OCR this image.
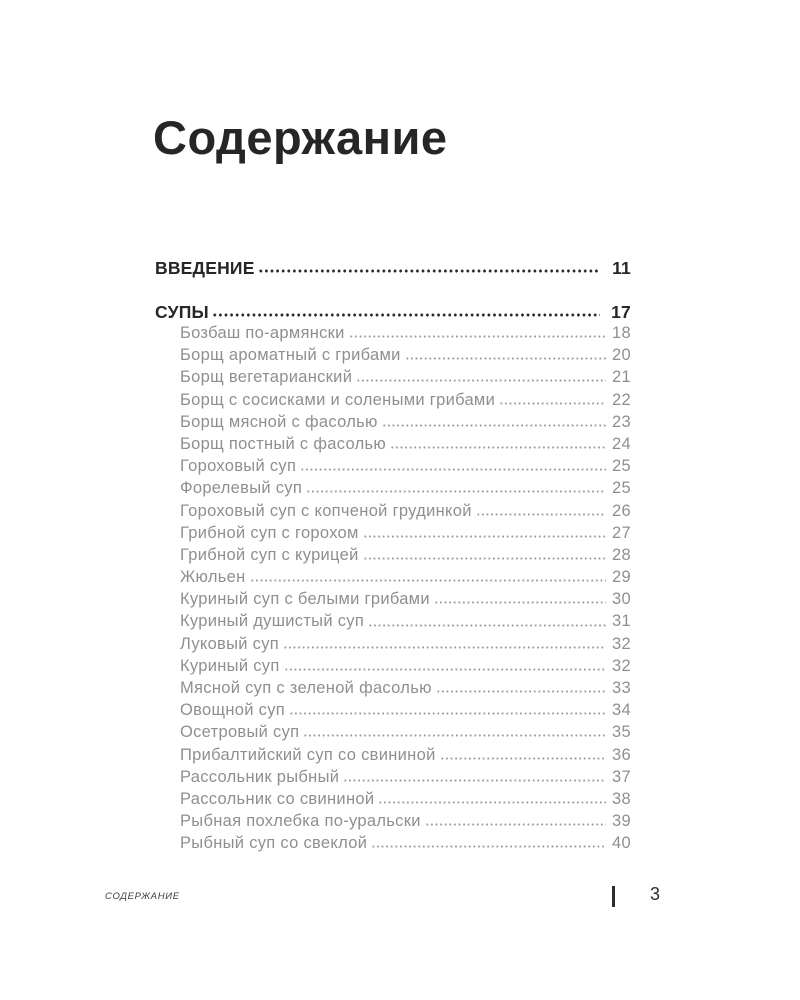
Содержание
ВВЕДЕНИЕ	11
СУПЫ	17
Бозбаш по-армянски	18
Борщ ароматный с грибами	20
Борщ вегетарианский	21
Борщ с сосисками и солеными грибами	22
Борщ мясной с фасолью	23
Борщ постный с фасолью	24
Гороховый суп	25
Форелевый суп	25
Гороховый суп с копченой грудинкой	26
Грибной суп с горохом	27
Грибной суп с курицей	28
Жюльен	29
Куриный суп с белыми грибами	30
Куриный душистый суп	31
Луковый суп	32
Куриный суп	32
Мясной суп с зеленой фасолью	33
Овощной суп	34
Осетровый суп	35
Прибалтийский суп со свининой	36
Рассольник рыбный	37
Рассольник со свининой	38
Рыбная похлебка по-уральски	39
Рыбный суп со свеклой	40
СОДЕРЖАНИЕ	3
